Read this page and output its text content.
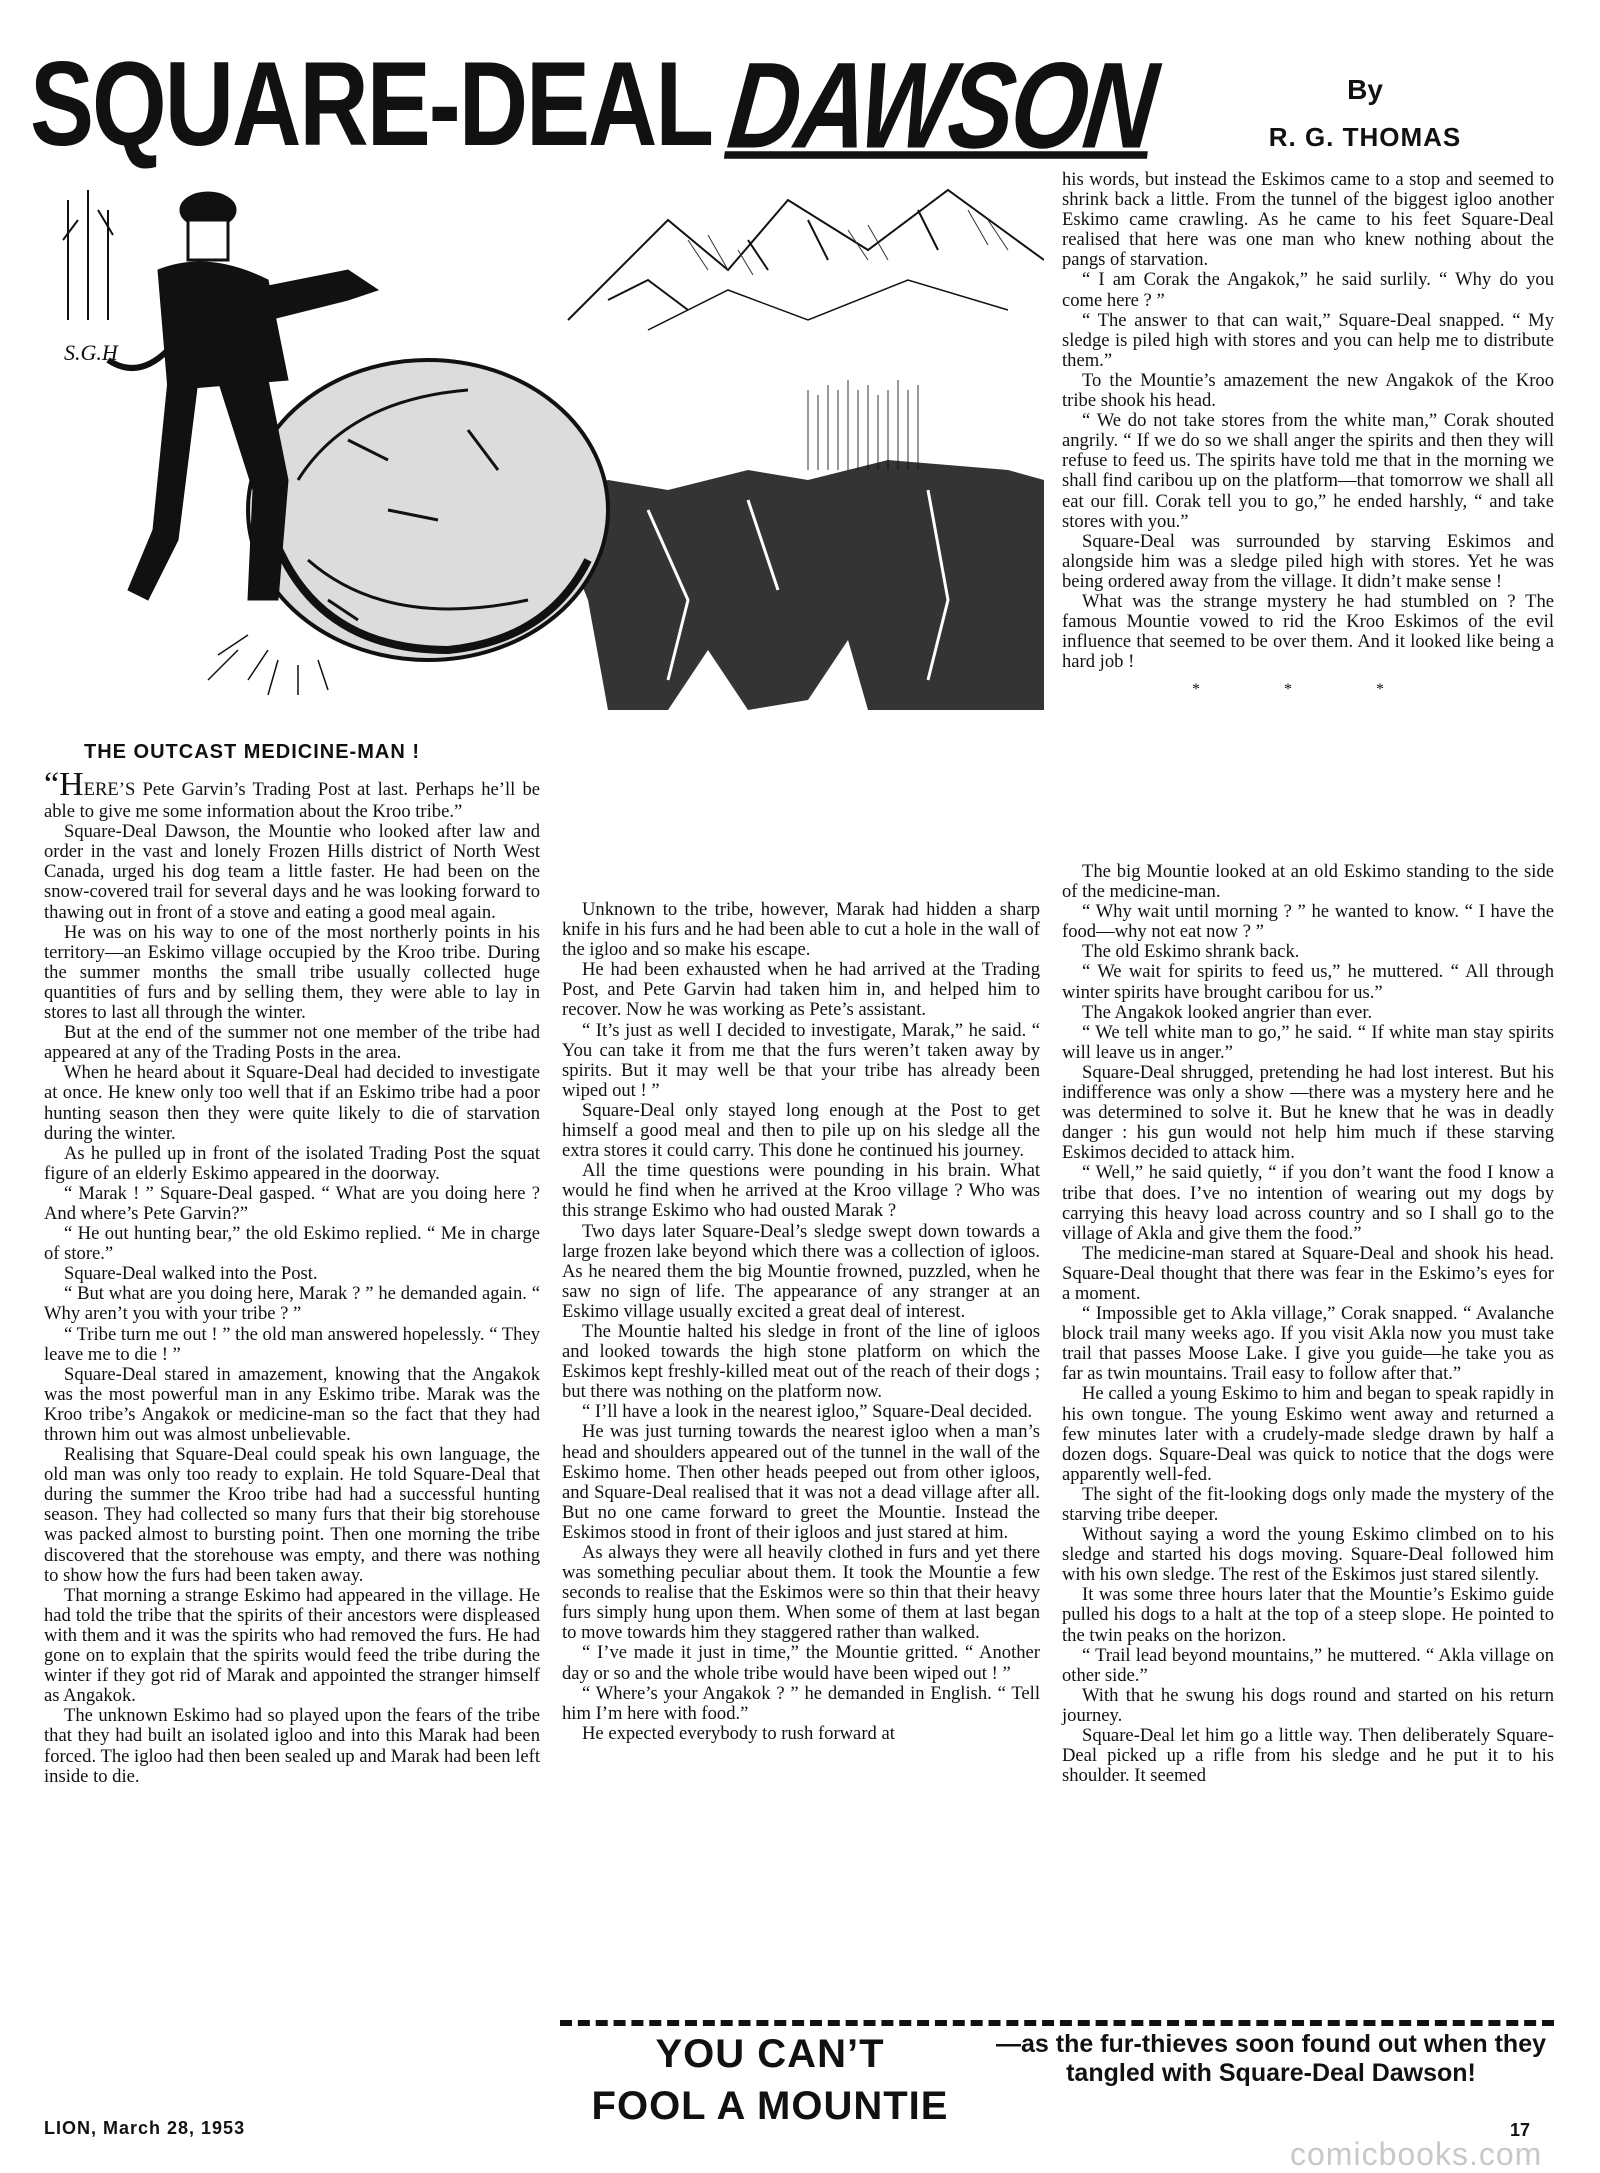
SQUARE-DEAL DAWSON	By
R. G. THOMAS
S.G.H
THE OUTCAST MEDICINE-MAN !

“HERE’S Pete Garvin’s Trading Post at last. Perhaps he’ll be able to give me some information about the Kroo tribe.”

Square-Deal Dawson, the Mountie who looked after law and order in the vast and lonely Frozen Hills district of North West Canada, urged his dog team a little faster. He had been on the snow-covered trail for several days and he was looking forward to thawing out in front of a stove and eating a good meal again.

He was on his way to one of the most northerly points in his territory—an Eskimo village occupied by the Kroo tribe. During the summer months the small tribe usually collected huge quantities of furs and by selling them, they were able to lay in stores to last all through the winter.

But at the end of the summer not one member of the tribe had appeared at any of the Trading Posts in the area.

When he heard about it Square-Deal had decided to investigate at once. He knew only too well that if an Eskimo tribe had a poor hunting season then they were quite likely to die of starvation during the winter.

As he pulled up in front of the isolated Trading Post the squat figure of an elderly Eskimo appeared in the doorway.

“ Marak ! ” Square-Deal gasped. “ What are you doing here ? And where’s Pete Garvin?”

“ He out hunting bear,” the old Eskimo replied. “ Me in charge of store.”

Square-Deal walked into the Post.

“ But what are you doing here, Marak ? ” he demanded again. “ Why aren’t you with your tribe ? ”

“ Tribe turn me out ! ” the old man answered hopelessly. “ They leave me to die ! ”

Square-Deal stared in amazement, knowing that the Angakok was the most powerful man in any Eskimo tribe. Marak was the Kroo tribe’s Angakok or medicine-man so the fact that they had thrown him out was almost unbelievable.

Realising that Square-Deal could speak his own language, the old man was only too ready to explain. He told Square-Deal that during the summer the Kroo tribe had had a successful hunting season. They had collected so many furs that their big storehouse was packed almost to bursting point. Then one morning the tribe discovered that the storehouse was empty, and there was nothing to show how the furs had been taken away.

That morning a strange Eskimo had appeared in the village. He had told the tribe that the spirits of their ancestors were displeased with them and it was the spirits who had removed the furs. He had gone on to explain that the spirits would feed the tribe during the winter if they got rid of Marak and appointed the stranger himself as Angakok.

The unknown Eskimo had so played upon the fears of the tribe that they had built an isolated igloo and into this Marak had been forced. The igloo had then been sealed up and Marak had been left inside to die.

Unknown to the tribe, however, Marak had hidden a sharp knife in his furs and he had been able to cut a hole in the wall of the igloo and so make his escape.

He had been exhausted when he had arrived at the Trading Post, and Pete Garvin had taken him in, and helped him to recover. Now he was working as Pete’s assistant.

“ It’s just as well I decided to investigate, Marak,” he said. “ You can take it from me that the furs weren’t taken away by spirits. But it may well be that your tribe has already been wiped out ! ”

Square-Deal only stayed long enough at the Post to get himself a good meal and then to pile up on his sledge all the extra stores it could carry. This done he continued his journey.

All the time questions were pounding in his brain. What would he find when he arrived at the Kroo village ? Who was this strange Eskimo who had ousted Marak ?

Two days later Square-Deal’s sledge swept down towards a large frozen lake beyond which there was a collection of igloos. As he neared them the big Mountie frowned, puzzled, when he saw no sign of life. The appearance of any stranger at an Eskimo village usually excited a great deal of interest.

The Mountie halted his sledge in front of the line of igloos and looked towards the high stone platform on which the Eskimos kept freshly-killed meat out of the reach of their dogs ; but there was nothing on the platform now.

“ I’ll have a look in the nearest igloo,” Square-Deal decided.

He was just turning towards the nearest igloo when a man’s head and shoulders appeared out of the tunnel in the wall of the Eskimo home. Then other heads peeped out from other igloos, and Square-Deal realised that it was not a dead village after all. But no one came forward to greet the Mountie. Instead the Eskimos stood in front of their igloos and just stared at him.

As always they were all heavily clothed in furs and yet there was something peculiar about them. It took the Mountie a few seconds to realise that the Eskimos were so thin that their heavy furs simply hung upon them. When some of them at last began to move towards him they staggered rather than walked.

“ I’ve made it just in time,” the Mountie gritted. “ Another day or so and the whole tribe would have been wiped out ! ”

“ Where’s your Angakok ? ” he demanded in English. “ Tell him I’m here with food.”

He expected everybody to rush forward at

his words, but instead the Eskimos came to a stop and seemed to shrink back a little. From the tunnel of the biggest igloo another Eskimo came crawling. As he came to his feet Square-Deal realised that here was one man who knew nothing about the pangs of starvation.

“ I am Corak the Angakok,” he said surlily. “ Why do you come here ? ”

“ The answer to that can wait,” Square-Deal snapped. “ My sledge is piled high with stores and you can help me to distribute them.”

To the Mountie’s amazement the new Angakok of the Kroo tribe shook his head.

“ We do not take stores from the white man,” Corak shouted angrily. “ If we do so we shall anger the spirits and then they will refuse to feed us. The spirits have told me that in the morning we shall find caribou up on the platform—that tomorrow we shall all eat our fill. Corak tell you to go,” he ended harshly, “ and take stores with you.”

Square-Deal was surrounded by starving Eskimos and alongside him was a sledge piled high with stores. Yet he was being ordered away from the village. It didn’t make sense !

What was the strange mystery he had stumbled on ? The famous Mountie vowed to rid the Kroo Eskimos of the evil influence that seemed to be over them. And it looked like being a hard job !

* * *

The big Mountie looked at an old Eskimo standing to the side of the medicine-man.

“ Why wait until morning ? ” he wanted to know. “ I have the food—why not eat now ? ”

The old Eskimo shrank back.

“ We wait for spirits to feed us,” he muttered. “ All through winter spirits have brought caribou for us.”

The Angakok looked angrier than ever.

“ We tell white man to go,” he said. “ If white man stay spirits will leave us in anger.”

Square-Deal shrugged, pretending he had lost interest. But his indifference was only a show —there was a mystery here and he was determined to solve it. But he knew that he was in deadly danger : his gun would not help him much if these starving Eskimos decided to attack him.

“ Well,” he said quietly, “ if you don’t want the food I know a tribe that does. I’ve no intention of wearing out my dogs by carrying this heavy load across country and so I shall go to the village of Akla and give them the food.”

The medicine-man stared at Square-Deal and shook his head. Square-Deal thought that there was fear in the Eskimo’s eyes for a moment.

“ Impossible get to Akla village,” Corak snapped. “ Avalanche block trail many weeks ago. If you visit Akla now you must take trail that passes Moose Lake. I give you guide—he take you as far as twin mountains. Trail easy to follow after that.”

He called a young Eskimo to him and began to speak rapidly in his own tongue. The young Eskimo went away and returned a few minutes later with a crudely-made sledge drawn by half a dozen dogs. Square-Deal was quick to notice that the dogs were apparently well-fed.

The sight of the fit-looking dogs only made the mystery of the starving tribe deeper.

Without saying a word the young Eskimo climbed on to his sledge and started his dogs moving. Square-Deal followed him with his own sledge. The rest of the Eskimos just stared silently.

It was some three hours later that the Mountie’s Eskimo guide pulled his dogs to a halt at the top of a steep slope. He pointed to the twin peaks on the horizon.

“ Trail lead beyond mountains,” he muttered. “ Akla village on other side.”

With that he swung his dogs round and started on his return journey.

Square-Deal let him go a little way. Then deliberately Square-Deal picked up a rifle from his sledge and he put it to his shoulder. It seemed

YOU CAN’T
FOOL A MOUNTIE
—as the fur-thieves soon found out when they tangled with Square-Deal Dawson!
LION, March 28, 1953	17
comicbooks.com
